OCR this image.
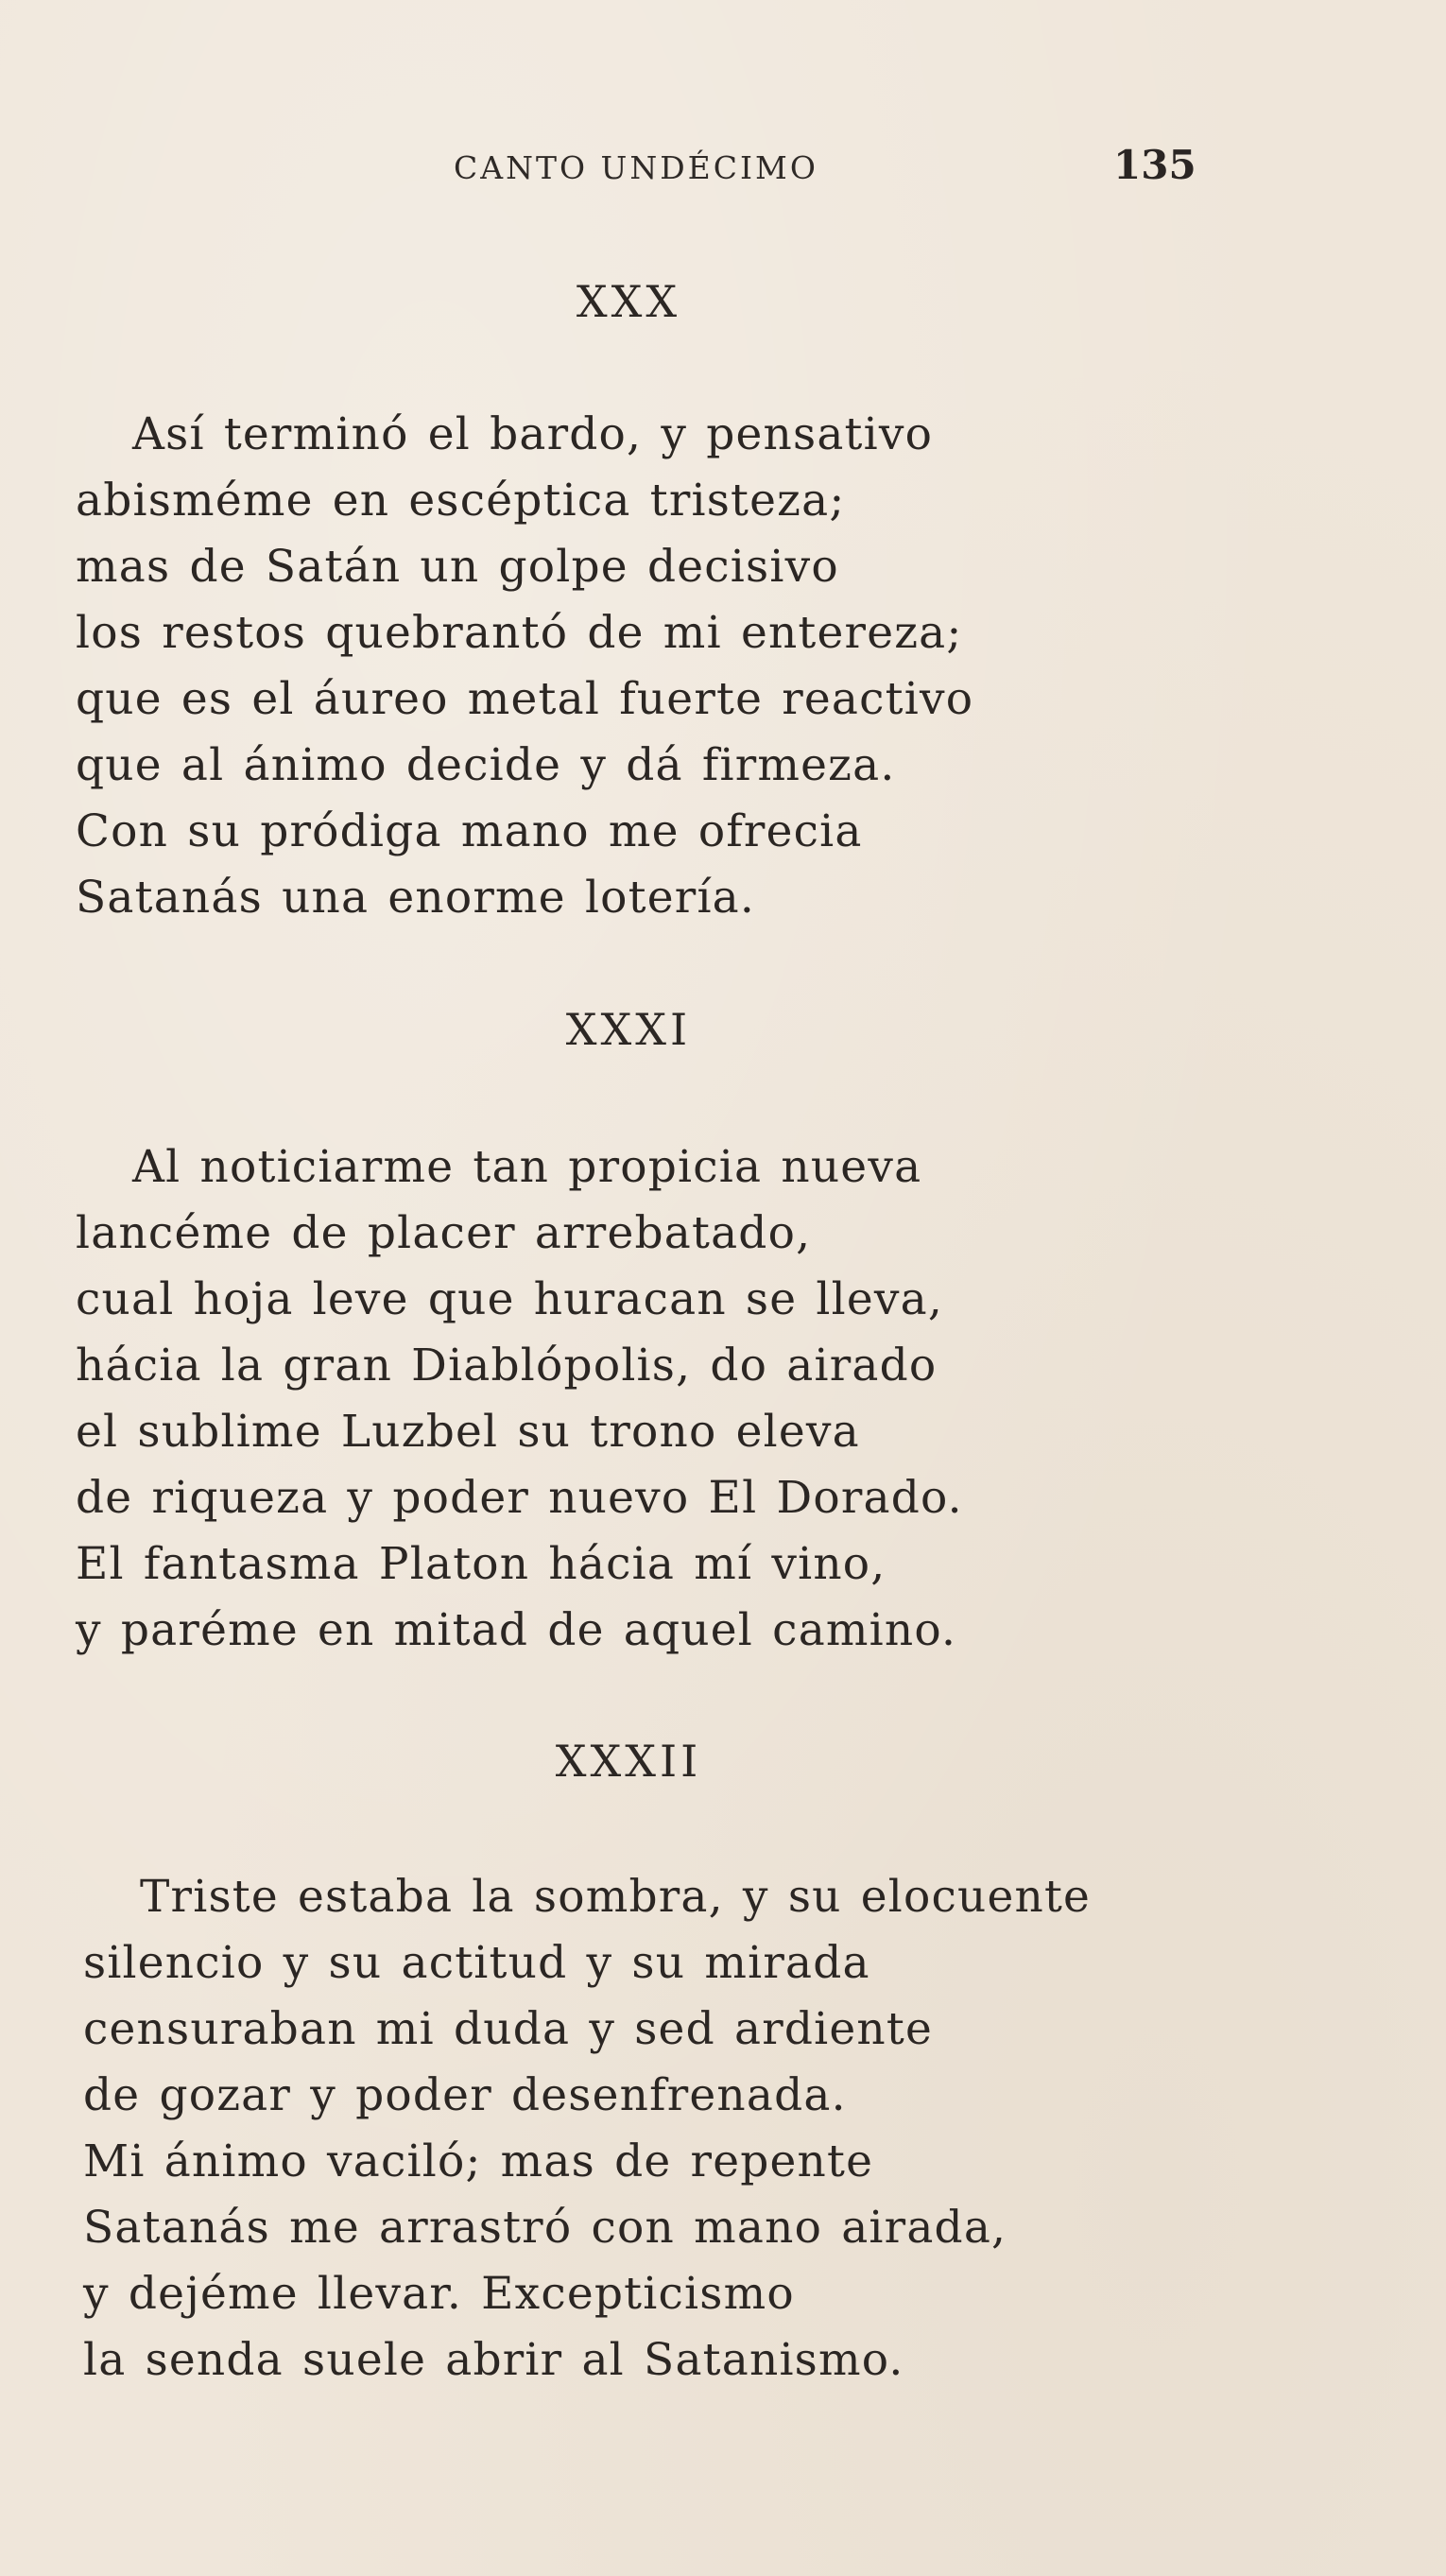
CANTO UNDÉCIMO	135
XXX
Así terminó el bardo, y pensativo
abisméme en escéptica tristeza;
mas de Satán un golpe decisivo
los restos quebrantó de mi entereza;
que es el áureo metal fuerte reactivo
que al ánimo decide y dá firmeza.
Con su pródiga mano me ofrecia
Satanás una enorme lotería.
XXXI
Al noticiarme tan propicia nueva
lancéme de placer arrebatado,
cual hoja leve que huracan se lleva,
hácia la gran Diablópolis, do airado
el sublime Luzbel su trono eleva
de riqueza y poder nuevo El Dorado.
El fantasma Platon hácia mí vino,
y paréme en mitad de aquel camino.
XXXII
Triste estaba la sombra, y su elocuente
silencio y su actitud y su mirada
censuraban mi duda y sed ardiente
de gozar y poder desenfrenada.
Mi ánimo vaciló; mas de repente
Satanás me arrastró con mano airada,
y dejéme llevar. Excepticismo
la senda suele abrir al Satanismo.
